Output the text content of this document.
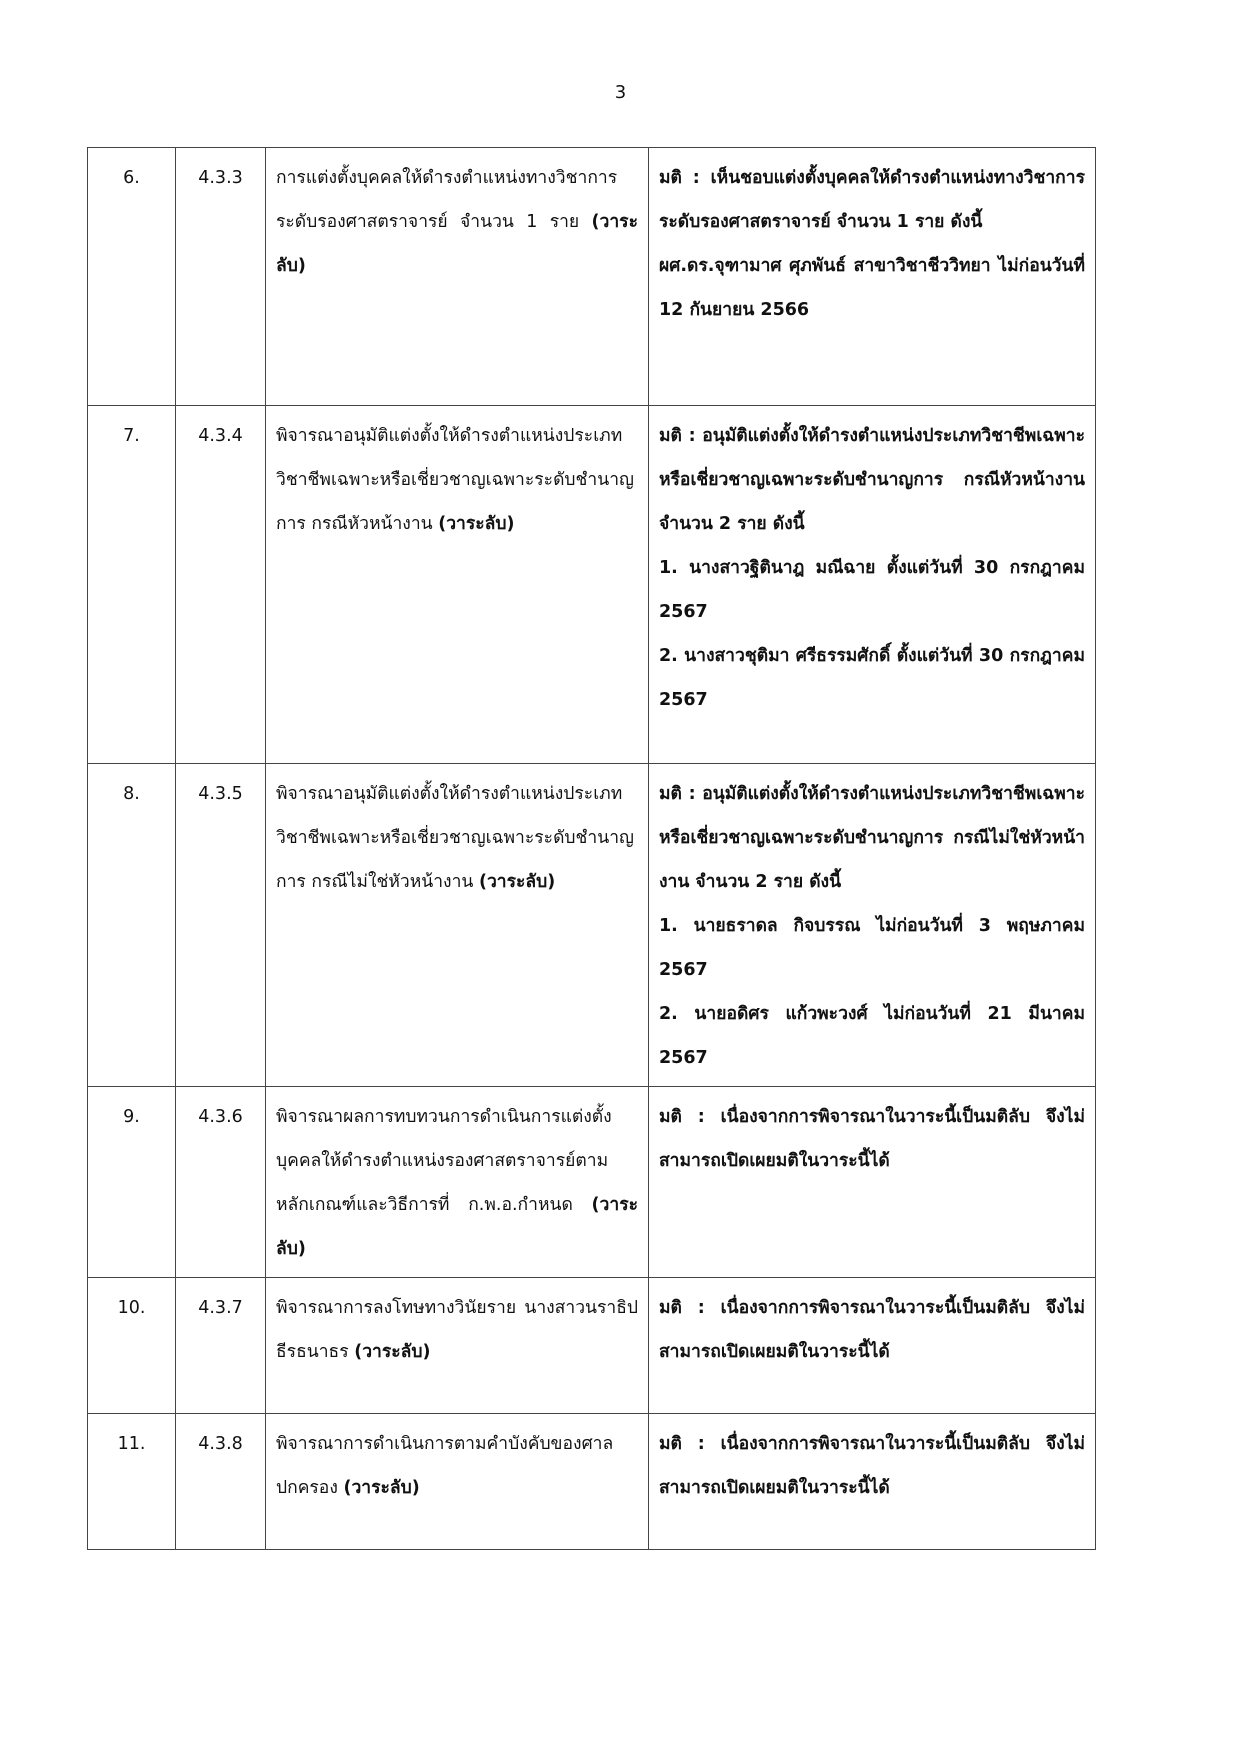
3
6.	4.3.3	การแต่งตั้งบุคคลให้ดำรงตำแหน่งทางวิชาการ ระดับรองศาสตราจารย์ จำนวน 1 ราย (วาระลับ)	มติ : เห็นชอบแต่งตั้งบุคคลให้ดำรงตำแหน่งทางวิชาการ ระดับรองศาสตราจารย์ จำนวน 1 ราย ดังนี้
ผศ.ดร.จุฑามาศ ศุภพันธ์ สาขาวิชาชีววิทยา ไม่ก่อนวันที่ 12 กันยายน 2566

7.	4.3.4	พิจารณาอนุมัติแต่งตั้งให้ดำรงตำแหน่งประเภทวิชาชีพเฉพาะหรือเชี่ยวชาญเฉพาะระดับชำนาญการ กรณีหัวหน้างาน (วาระลับ)	มติ : อนุมัติแต่งตั้งให้ดำรงตำแหน่งประเภทวิชาชีพเฉพาะหรือเชี่ยวชาญเฉพาะระดับชำนาญการ กรณีหัวหน้างาน จำนวน 2 ราย ดังนี้
1. นางสาวฐิตินาฎ มณีฉาย ตั้งแต่วันที่ 30 กรกฎาคม 2567
2. นางสาวชุติมา ศรีธรรมศักดิ์ ตั้งแต่วันที่ 30 กรกฎาคม 2567

8.	4.3.5	พิจารณาอนุมัติแต่งตั้งให้ดำรงตำแหน่งประเภทวิชาชีพเฉพาะหรือเชี่ยวชาญเฉพาะระดับชำนาญการ กรณีไม่ใช่หัวหน้างาน (วาระลับ)	มติ : อนุมัติแต่งตั้งให้ดำรงตำแหน่งประเภทวิชาชีพเฉพาะหรือเชี่ยวชาญเฉพาะระดับชำนาญการ กรณีไม่ใช่หัวหน้างาน จำนวน 2 ราย ดังนี้
1. นายธราดล กิจบรรณ ไม่ก่อนวันที่ 3 พฤษภาคม 2567
2. นายอดิศร แก้วพะวงศ์ ไม่ก่อนวันที่ 21 มีนาคม 2567

9.	4.3.6	พิจารณาผลการทบทวนการดำเนินการแต่งตั้งบุคคลให้ดำรงตำแหน่งรองศาสตราจารย์ตามหลักเกณฑ์และวิธีการที่ ก.พ.อ.กำหนด (วาระลับ)	มติ : เนื่องจากการพิจารณาในวาระนี้เป็นมติลับ จึงไม่สามารถเปิดเผยมติในวาระนี้ได้

10.	4.3.7	พิจารณาการลงโทษทางวินัยราย นางสาวนราธิป ธีรธนาธร (วาระลับ)	มติ : เนื่องจากการพิจารณาในวาระนี้เป็นมติลับ จึงไม่สามารถเปิดเผยมติในวาระนี้ได้

11.	4.3.8	พิจารณาการดำเนินการตามคำบังคับของศาลปกครอง (วาระลับ)	มติ : เนื่องจากการพิจารณาในวาระนี้เป็นมติลับ จึงไม่สามารถเปิดเผยมติในวาระนี้ได้
